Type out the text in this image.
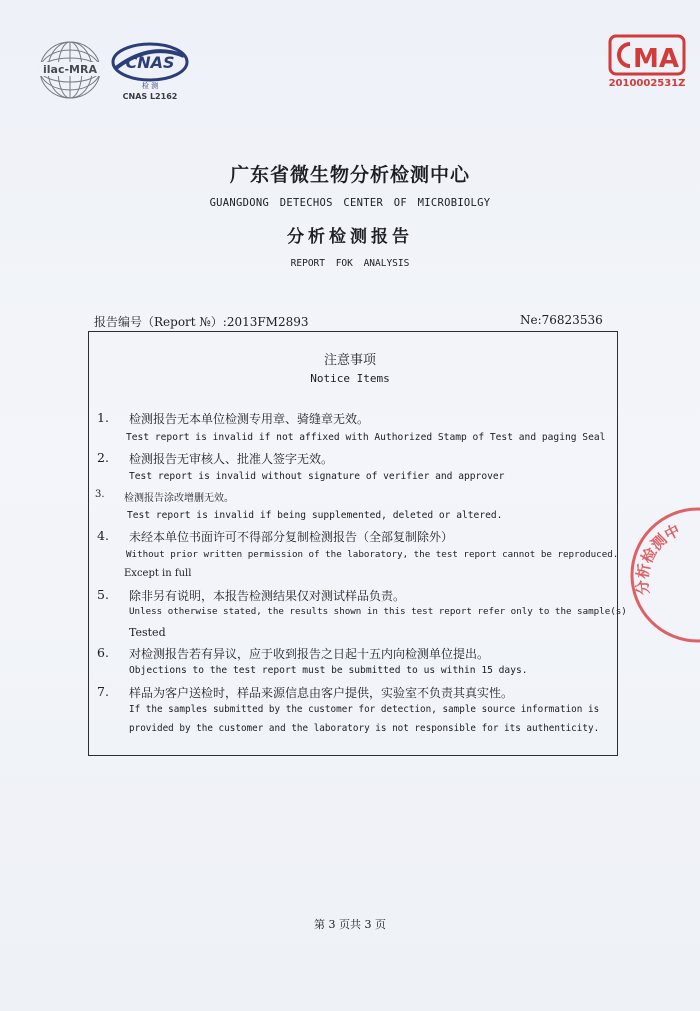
ilac-MRA CNAS
检 测
CNAS L2162
MA
2010002531Z
广东省微生物分析检测中心
GUANGDONG DETECHOS CENTER OF MICROBIOLGY
分析检测报告
REPORT FOK ANALYSIS
报告编号（Report №）:2013FM2893	Ne:76823536
注意事项
Notice Items
1. 检测报告无本单位检测专用章、骑缝章无效。
Test report is invalid if not affixed with Authorized Stamp of Test and paging Seal
2. 检测报告无审核人、批准人签字无效。
Test report is invalid without signature of verifier and approver
3. 检测报告涂改增删无效。
Test report is invalid if being supplemented, deleted or altered.
4. 未经本单位书面许可不得部分复制检测报告（全部复制除外）
Without prior written permission of the laboratory, the test report cannot be reproduced.
Except in full
5. 除非另有说明，本报告检测结果仅对测试样品负责。
Unless otherwise stated, the results shown in this test report refer only to the sample(s)
Tested
6. 对检测报告若有异议，应于收到报告之日起十五内向检测单位提出。
Objections to the test report must be submitted to us within 15 days.
7. 样品为客户送检时，样品来源信息由客户提供，实验室不负责其真实性。
If the samples submitted by the customer for detection, sample source information is
provided by the customer and the laboratory is not responsible for its authenticity.
第 3 页共 3 页
分析检测中心
